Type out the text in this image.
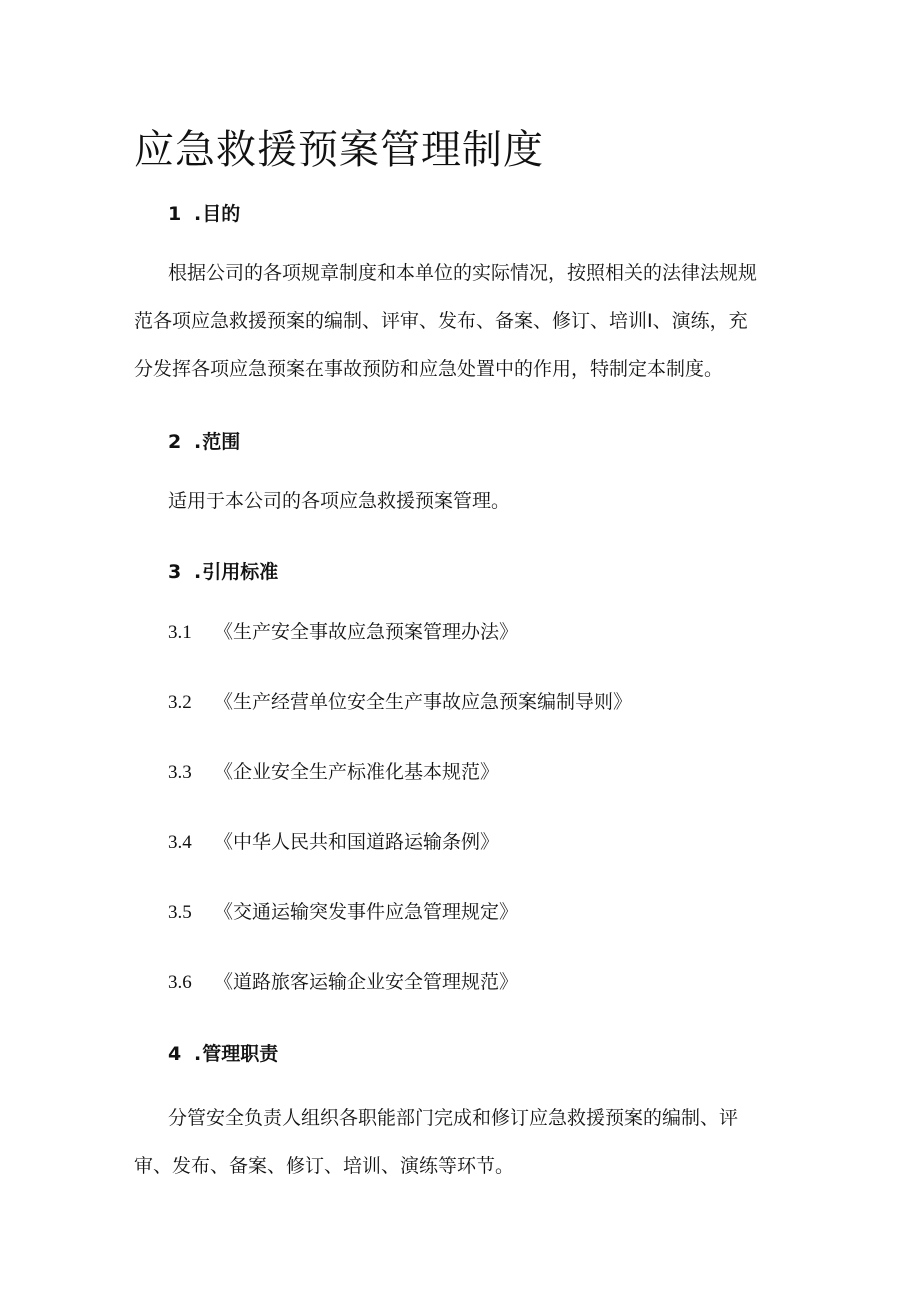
应急救援预案管理制度
1 .目的
根据公司的各项规章制度和本单位的实际情况，按照相关的法律法规规
范各项应急救援预案的编制、评审、发布、备案、修订、培训I、演练，充
分发挥各项应急预案在事故预防和应急处置中的作用，特制定本制度。
2 .范围
适用于本公司的各项应急救援预案管理。
3 .引用标准
3.1 《生产安全事故应急预案管理办法》
3.2 《生产经营单位安全生产事故应急预案编制导则》
3.3 《企业安全生产标准化基本规范》
3.4 《中华人民共和国道路运输条例》
3.5 《交通运输突发事件应急管理规定》
3.6 《道路旅客运输企业安全管理规范》
4 .管理职责
分管安全负责人组织各职能部门完成和修订应急救援预案的编制、评
审、发布、备案、修订、培训、演练等环节。
